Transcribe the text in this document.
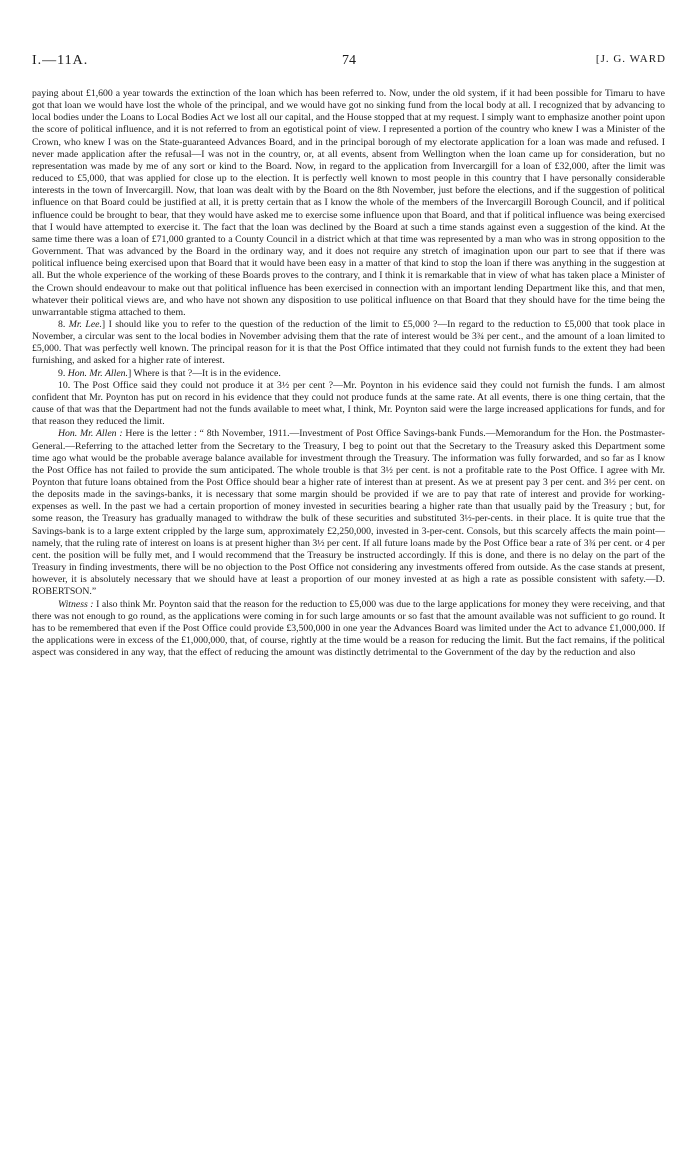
I.—11A.	74	[J. G. WARD

paying about £1,600 a year towards the extinction of the loan which has been referred to. Now, under the old system, if it had been possible for Timaru to have got that loan we would have lost the whole of the principal, and we would have got no sinking fund from the local body at all. I recognized that by advancing to local bodies under the Loans to Local Bodies Act we lost all our capital, and the House stopped that at my request. I simply want to emphasize another point upon the score of political influence, and it is not referred to from an egotistical point of view. I represented a portion of the country who knew I was a Minister of the Crown, who knew I was on the State-guaranteed Advances Board, and in the principal borough of my electorate application for a loan was made and refused. I never made application after the refusal—I was not in the country, or, at all events, absent from Wellington when the loan came up for consideration, but no representation was made by me of any sort or kind to the Board. Now, in regard to the application from Invercargill for a loan of £32,000, after the limit was reduced to £5,000, that was applied for close up to the election. It is perfectly well known to most people in this country that I have personally considerable interests in the town of Invercargill. Now, that loan was dealt with by the Board on the 8th November, just before the elections, and if the suggestion of political influence on that Board could be justified at all, it is pretty certain that as I know the whole of the members of the Invercargill Borough Council, and if political influence could be brought to bear, that they would have asked me to exercise some influence upon that Board, and that if political influence was being exercised that I would have attempted to exercise it. The fact that the loan was declined by the Board at such a time stands against even a suggestion of the kind. At the same time there was a loan of £71,000 granted to a County Council in a district which at that time was represented by a man who was in strong opposition to the Government. That was advanced by the Board in the ordinary way, and it does not require any stretch of imagination upon our part to see that if there was political influence being exercised upon that Board that it would have been easy in a matter of that kind to stop the loan if there was anything in the suggestion at all. But the whole experience of the working of these Boards proves to the contrary, and I think it is remarkable that in view of what has taken place a Minister of the Crown should endeavour to make out that political influence has been exercised in connection with an important lending Department like this, and that men, whatever their political views are, and who have not shown any disposition to use political influence on that Board that they should have for the time being the unwarrantable stigma attached to them.

8. Mr. Lee.] I should like you to refer to the question of the reduction of the limit to £5,000 ?—In regard to the reduction to £5,000 that took place in November, a circular was sent to the local bodies in November advising them that the rate of interest would be 3¾ per cent., and the amount of a loan limited to £5,000. That was perfectly well known. The principal reason for it is that the Post Office intimated that they could not furnish funds to the extent they had been furnishing, and asked for a higher rate of interest.

9. Hon. Mr. Allen.] Where is that ?—It is in the evidence.

10. The Post Office said they could not produce it at 3½ per cent ?—Mr. Poynton in his evidence said they could not furnish the funds. I am almost confident that Mr. Poynton has put on record in his evidence that they could not produce funds at the same rate. At all events, there is one thing certain, that the cause of that was that the Department had not the funds available to meet what, I think, Mr. Poynton said were the large increased applications for funds, and for that reason they reduced the limit.

Hon. Mr. Allen : Here is the letter : “ 8th November, 1911.—Investment of Post Office Savings-bank Funds.—Memorandum for the Hon. the Postmaster-General.—Referring to the attached letter from the Secretary to the Treasury, I beg to point out that the Secretary to the Treasury asked this Department some time ago what would be the probable average balance available for investment through the Treasury. The information was fully forwarded, and so far as I know the Post Office has not failed to provide the sum anticipated. The whole trouble is that 3½ per cent. is not a profitable rate to the Post Office. I agree with Mr. Poynton that future loans obtained from the Post Office should bear a higher rate of interest than at present. As we at present pay 3 per cent. and 3½ per cent. on the deposits made in the savings-banks, it is necessary that some margin should be provided if we are to pay that rate of interest and provide for working-expenses as well. In the past we had a certain proportion of money invested in securities bearing a higher rate than that usually paid by the Treasury ; but, for some reason, the Treasury has gradually managed to withdraw the bulk of these securities and substituted 3½-per-cents. in their place. It is quite true that the Savings-bank is to a large extent crippled by the large sum, approximately £2,250,000, invested in 3-per-cent. Consols, but this scarcely affects the main point—namely, that the ruling rate of interest on loans is at present higher than 3½ per cent. If all future loans made by the Post Office bear a rate of 3¾ per cent. or 4 per cent. the position will be fully met, and I would recommend that the Treasury be instructed accordingly. If this is done, and there is no delay on the part of the Treasury in finding investments, there will be no objection to the Post Office not considering any investments offered from outside. As the case stands at present, however, it is absolutely necessary that we should have at least a proportion of our money invested at as high a rate as possible consistent with safety.—D. ROBERTSON.”

Witness : I also think Mr. Poynton said that the reason for the reduction to £5,000 was due to the large applications for money they were receiving, and that there was not enough to go round, as the applications were coming in for such large amounts or so fast that the amount available was not sufficient to go round. It has to be remembered that even if the Post Office could provide £3,500,000 in one year the Advances Board was limited under the Act to advance £1,000,000. If the applications were in excess of the £1,000,000, that, of course, rightly at the time would be a reason for reducing the limit. But the fact remains, if the political aspect was considered in any way, that the effect of reducing the amount was distinctly detrimental to the Government of the day by the reduction and also
